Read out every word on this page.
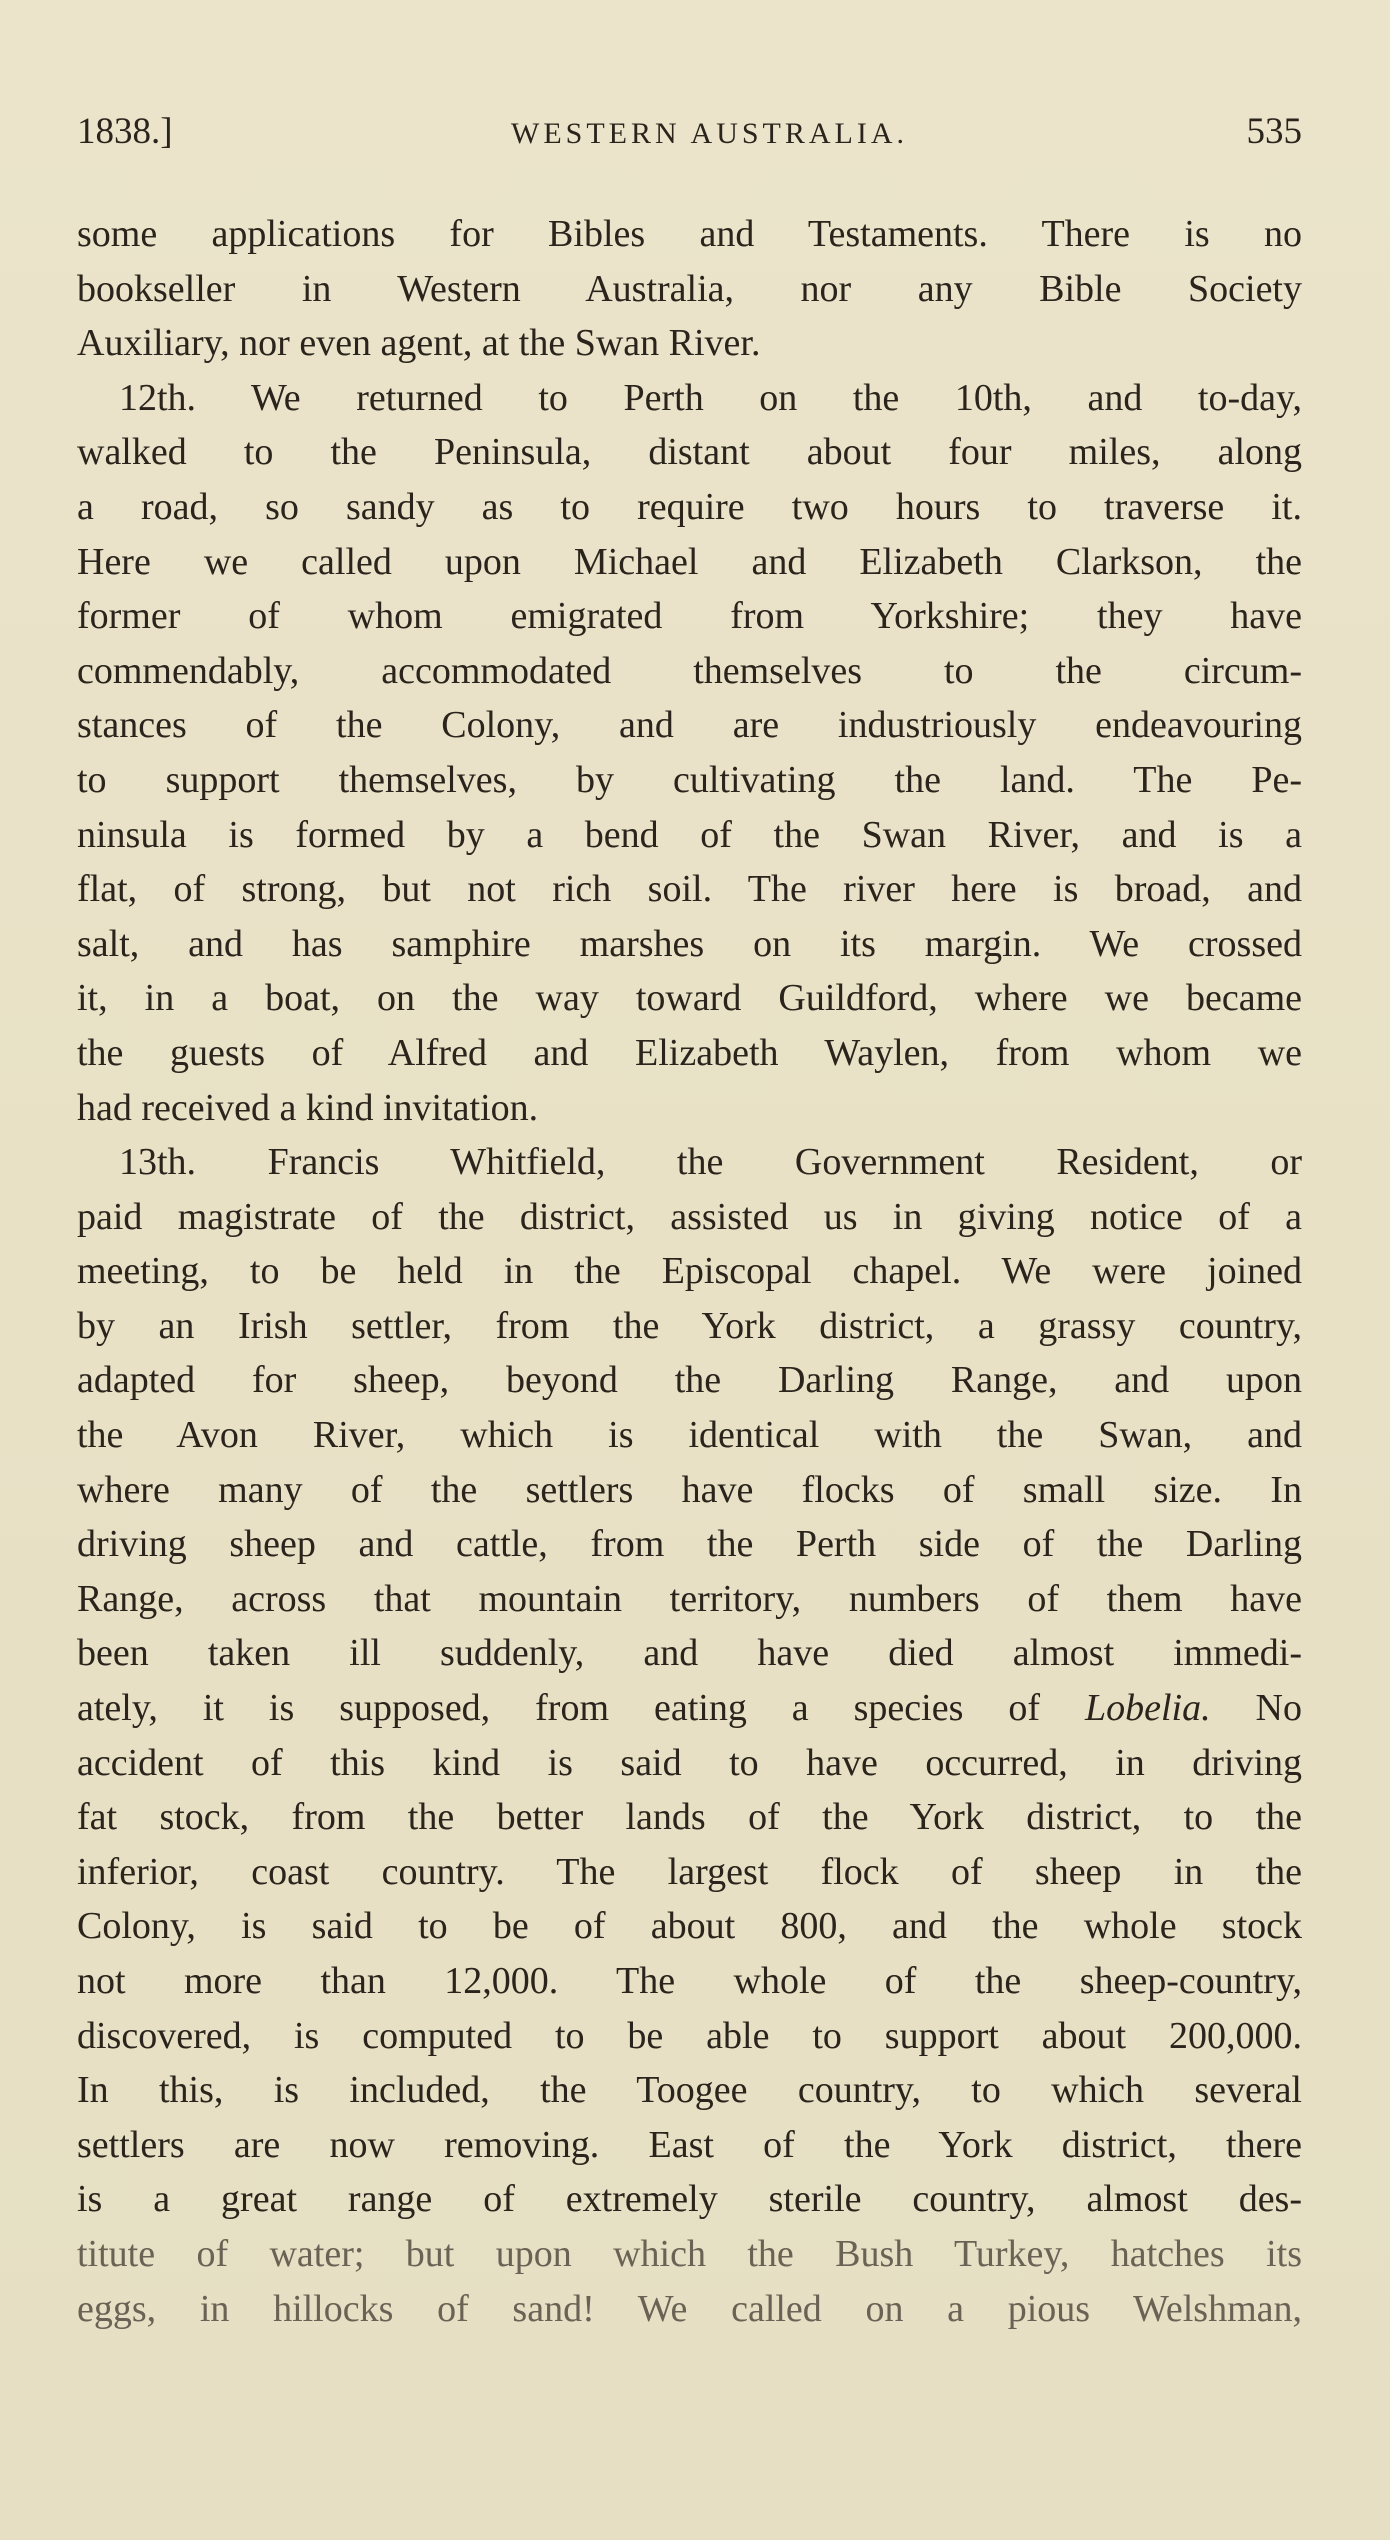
1838.]	WESTERN AUSTRALIA.	535
some applications for Bibles and Testaments. There is no
bookseller in Western Australia, nor any Bible Society
Auxiliary, nor even agent, at the Swan River.
12th. We returned to Perth on the 10th, and to-day,
walked to the Peninsula, distant about four miles, along
a road, so sandy as to require two hours to traverse it.
Here we called upon Michael and Elizabeth Clarkson, the
former of whom emigrated from Yorkshire; they have
commendably, accommodated themselves to the circum-
stances of the Colony, and are industriously endeavouring
to support themselves, by cultivating the land. The Pe-
ninsula is formed by a bend of the Swan River, and is a
flat, of strong, but not rich soil. The river here is broad, and
salt, and has samphire marshes on its margin. We crossed
it, in a boat, on the way toward Guildford, where we became
the guests of Alfred and Elizabeth Waylen, from whom we
had received a kind invitation.
13th. Francis Whitfield, the Government Resident, or
paid magistrate of the district, assisted us in giving notice of a
meeting, to be held in the Episcopal chapel. We were joined
by an Irish settler, from the York district, a grassy country,
adapted for sheep, beyond the Darling Range, and upon
the Avon River, which is identical with the Swan, and
where many of the settlers have flocks of small size. In
driving sheep and cattle, from the Perth side of the Darling
Range, across that mountain territory, numbers of them have
been taken ill suddenly, and have died almost immedi-
ately, it is supposed, from eating a species of Lobelia. No
accident of this kind is said to have occurred, in driving
fat stock, from the better lands of the York district, to the
inferior, coast country. The largest flock of sheep in the
Colony, is said to be of about 800, and the whole stock
not more than 12,000. The whole of the sheep-country,
discovered, is computed to be able to support about 200,000.
In this, is included, the Toogee country, to which several
settlers are now removing. East of the York district, there
is a great range of extremely sterile country, almost des-
titute of water; but upon which the Bush Turkey, hatches its
eggs, in hillocks of sand! We called on a pious Welshman,
